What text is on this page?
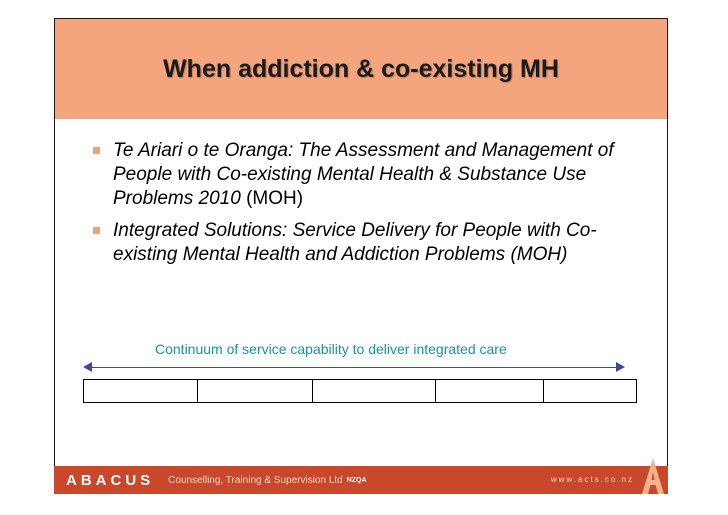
When addiction & co-existing MH
Te Ariari o te Oranga: The Assessment and Management of People with Co-existing Mental Health & Substance Use Problems 2010 (MOH)
Integrated Solutions: Service Delivery for People with Co-existing Mental Health and Addiction Problems (MOH)
Continuum of service capability to deliver integrated care
ABACUS Counselling, Training & Supervision Ltd NZQA	www.acts.co.nz
